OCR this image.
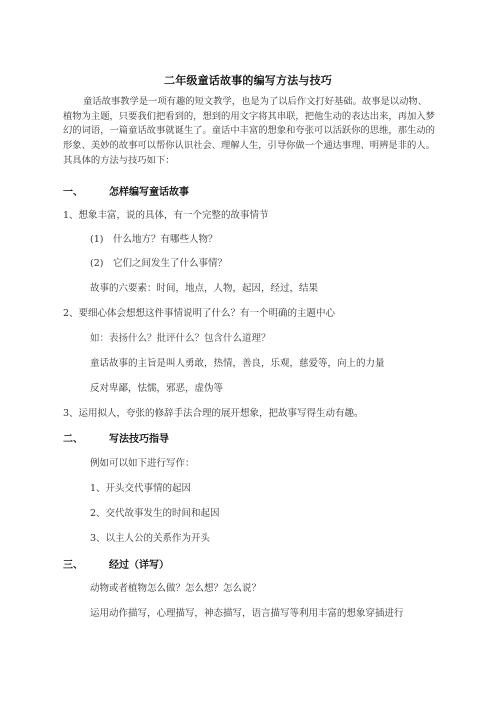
二年级童话故事的编写方法与技巧

童话故事教学是一项有趣的短文教学，也是为了以后作文打好基础。故事是以动物、植物为主题，只要我们把看到的，想到的用文字将其串联，把他生动的表达出来，再加入梦幻的词语，一篇童话故事就诞生了。童话中丰富的想象和夸张可以活跃你的思维，那生动的形象、美妙的故事可以帮你认识社会、理解人生，引导你做一个通达事理、明辨是非的人。其具体的方法与技巧如下：

一、	怎样编写童话故事
1、想象丰富，说的具体，有一个完整的故事情节
(1)　什么地方？有哪些人物？
(2)　它们之间发生了什么事情？
故事的六要素：时间，地点，人物，起因，经过，结果
2、要细心体会想想这件事情说明了什么？有一个明确的主题中心
如：表扬什么？批评什么？包含什么道理？
童话故事的主旨是叫人勇敢，热情，善良，乐观，慈爱等，向上的力量
反对卑鄙，怯懦，邪恶，虚伪等
3、运用拟人，夸张的修辞手法合理的展开想象，把故事写得生动有趣。
二、	写法技巧指导
例如可以如下进行写作：
1、开头交代事情的起因
2、交代故事发生的时间和起因
3、以主人公的关系作为开头
三、	经过（详写）
动物或者植物怎么做？怎么想？怎么说？
运用动作描写，心理描写，神态描写，语言描写等利用丰富的想象穿插进行
